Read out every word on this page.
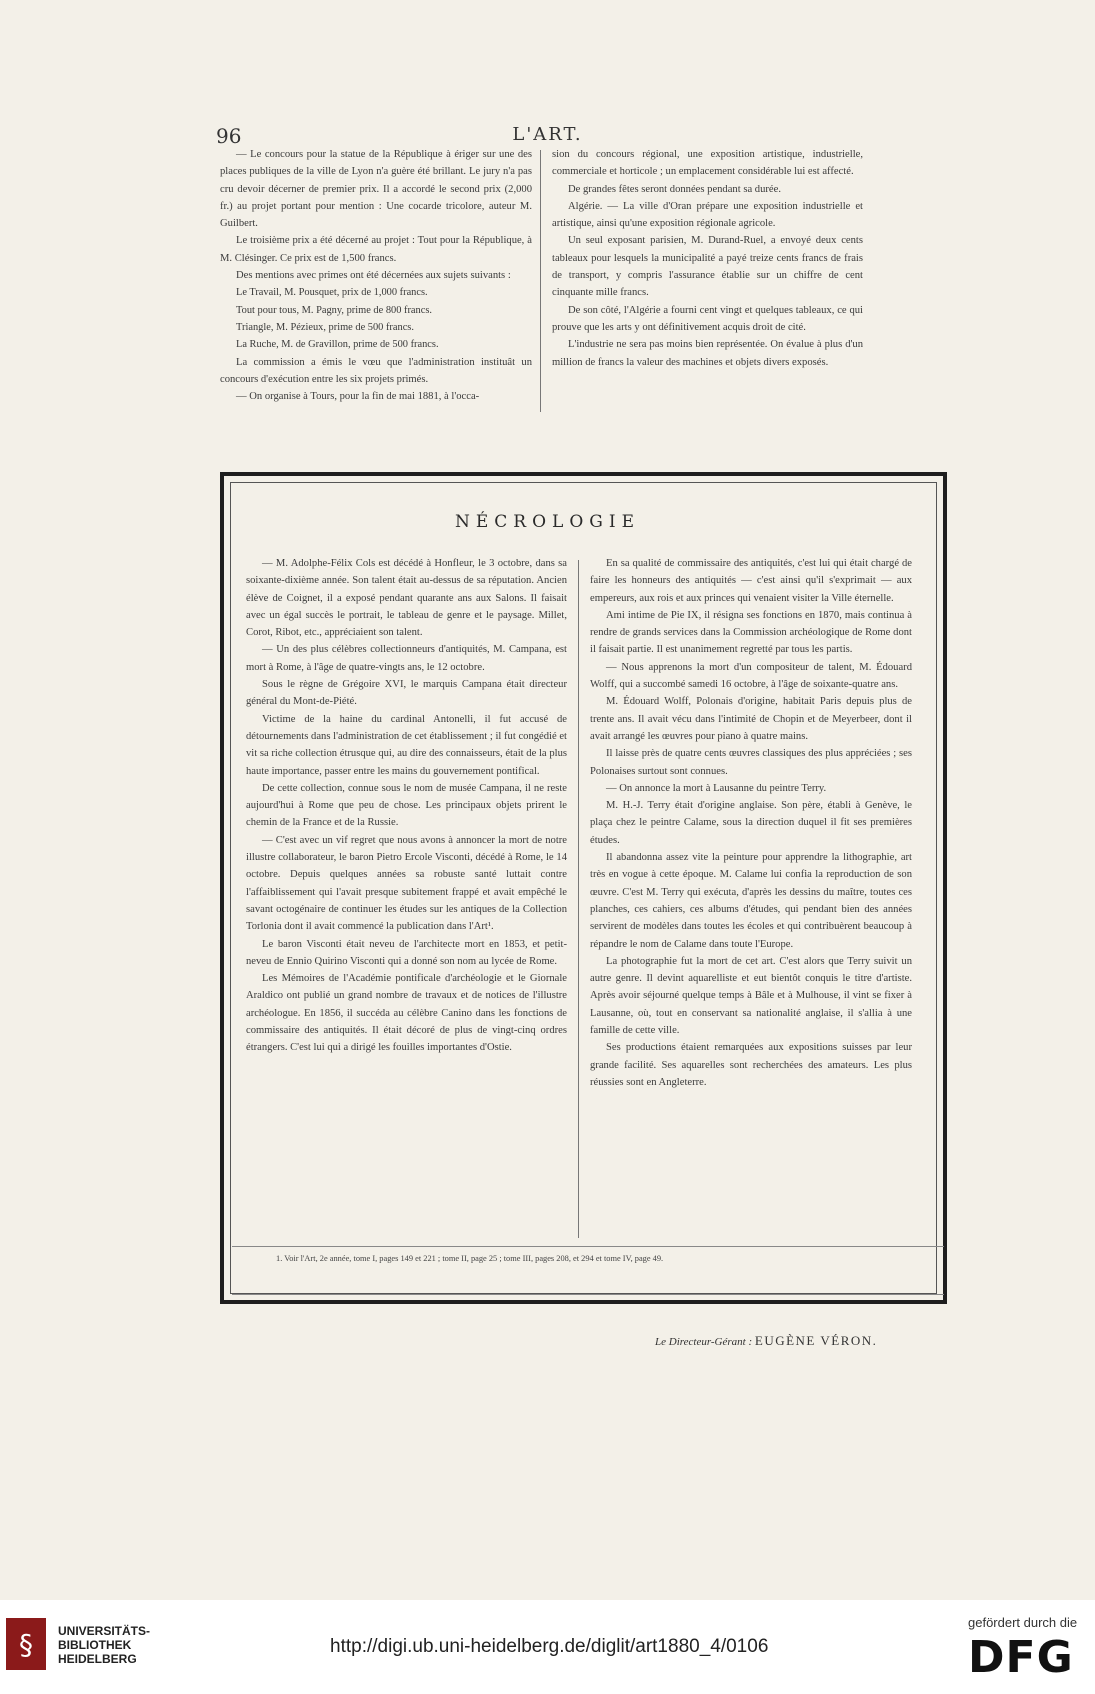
96	L'ART.

— Le concours pour la statue de la République à ériger sur une des places publiques de la ville de Lyon n'a guère été brillant. Le jury n'a pas cru devoir décerner de premier prix. Il a accordé le second prix (2,000 fr.) au projet portant pour mention : Une cocarde tricolore, auteur M. Guilbert.

Le troisième prix a été décerné au projet : Tout pour la République, à M. Clésinger. Ce prix est de 1,500 francs.

Des mentions avec primes ont été décernées aux sujets suivants :

Le Travail, M. Pousquet, prix de 1,000 francs.

Tout pour tous, M. Pagny, prime de 800 francs.

Triangle, M. Pézieux, prime de 500 francs.

La Ruche, M. de Gravillon, prime de 500 francs.

La commission a émis le vœu que l'administration instituât un concours d'exécution entre les six projets primés.

— On organise à Tours, pour la fin de mai 1881, à l'occa-

sion du concours régional, une exposition artistique, industrielle, commerciale et horticole ; un emplacement considérable lui est affecté.

De grandes fêtes seront données pendant sa durée.

Algérie. — La ville d'Oran prépare une exposition industrielle et artistique, ainsi qu'une exposition régionale agricole.

Un seul exposant parisien, M. Durand-Ruel, a envoyé deux cents tableaux pour lesquels la municipalité a payé treize cents francs de frais de transport, y compris l'assurance établie sur un chiffre de cent cinquante mille francs.

De son côté, l'Algérie a fourni cent vingt et quelques tableaux, ce qui prouve que les arts y ont définitivement acquis droit de cité.

L'industrie ne sera pas moins bien représentée. On évalue à plus d'un million de francs la valeur des machines et objets divers exposés.

NÉCROLOGIE

— M. Adolphe-Félix Cols est décédé à Honfleur, le 3 octobre, dans sa soixante-dixième année. Son talent était au-dessus de sa réputation. Ancien élève de Coignet, il a exposé pendant quarante ans aux Salons. Il faisait avec un égal succès le portrait, le tableau de genre et le paysage. Millet, Corot, Ribot, etc., appréciaient son talent.

— Un des plus célèbres collectionneurs d'antiquités, M. Campana, est mort à Rome, à l'âge de quatre-vingts ans, le 12 octobre.

Sous le règne de Grégoire XVI, le marquis Campana était directeur général du Mont-de-Piété.

Victime de la haine du cardinal Antonelli, il fut accusé de détournements dans l'administration de cet établissement ; il fut congédié et vit sa riche collection étrusque qui, au dire des connaisseurs, était de la plus haute importance, passer entre les mains du gouvernement pontifical.

De cette collection, connue sous le nom de musée Campana, il ne reste aujourd'hui à Rome que peu de chose. Les principaux objets prirent le chemin de la France et de la Russie.

— C'est avec un vif regret que nous avons à annoncer la mort de notre illustre collaborateur, le baron Pietro Ercole Visconti, décédé à Rome, le 14 octobre. Depuis quelques années sa robuste santé luttait contre l'affaiblissement qui l'avait presque subitement frappé et avait empêché le savant octogénaire de continuer les études sur les antiques de la Collection Torlonia dont il avait commencé la publication dans l'Art¹.

Le baron Visconti était neveu de l'architecte mort en 1853, et petit-neveu de Ennio Quirino Visconti qui a donné son nom au lycée de Rome.

Les Mémoires de l'Académie pontificale d'archéologie et le Giornale Araldico ont publié un grand nombre de travaux et de notices de l'illustre archéologue. En 1856, il succéda au célèbre Canino dans les fonctions de commissaire des antiquités. Il était décoré de plus de vingt-cinq ordres étrangers. C'est lui qui a dirigé les fouilles importantes d'Ostie.

En sa qualité de commissaire des antiquités, c'est lui qui était chargé de faire les honneurs des antiquités — c'est ainsi qu'il s'exprimait — aux empereurs, aux rois et aux princes qui venaient visiter la Ville éternelle.

Ami intime de Pie IX, il résigna ses fonctions en 1870, mais continua à rendre de grands services dans la Commission archéologique de Rome dont il faisait partie. Il est unanimement regretté par tous les partis.

— Nous apprenons la mort d'un compositeur de talent, M. Édouard Wolff, qui a succombé samedi 16 octobre, à l'âge de soixante-quatre ans.

M. Édouard Wolff, Polonais d'origine, habitait Paris depuis plus de trente ans. Il avait vécu dans l'intimité de Chopin et de Meyerbeer, dont il avait arrangé les œuvres pour piano à quatre mains.

Il laisse près de quatre cents œuvres classiques des plus appréciées ; ses Polonaises surtout sont connues.

— On annonce la mort à Lausanne du peintre Terry.

M. H.-J. Terry était d'origine anglaise. Son père, établi à Genève, le plaça chez le peintre Calame, sous la direction duquel il fit ses premières études.

Il abandonna assez vite la peinture pour apprendre la lithographie, art très en vogue à cette époque. M. Calame lui confia la reproduction de son œuvre. C'est M. Terry qui exécuta, d'après les dessins du maître, toutes ces planches, ces cahiers, ces albums d'études, qui pendant bien des années servirent de modèles dans toutes les écoles et qui contribuèrent beaucoup à répandre le nom de Calame dans toute l'Europe.

La photographie fut la mort de cet art. C'est alors que Terry suivit un autre genre. Il devint aquarelliste et eut bientôt conquis le titre d'artiste. Après avoir séjourné quelque temps à Bâle et à Mulhouse, il vint se fixer à Lausanne, où, tout en conservant sa nationalité anglaise, il s'allia à une famille de cette ville.

Ses productions étaient remarquées aux expositions suisses par leur grande facilité. Ses aquarelles sont recherchées des amateurs. Les plus réussies sont en Angleterre.

1. Voir l'Art, 2e année, tome I, pages 149 et 221 ; tome II, page 25 ; tome III, pages 208, et 294 et tome IV, page 49.
Le Directeur-Gérant : EUGÈNE VÉRON.
§	UNIVERSITÄTS-
BIBLIOTHEK
HEIDELBERG
http://digi.ub.uni-heidelberg.de/diglit/art1880_4/0106
gefördert durch die
DFG
